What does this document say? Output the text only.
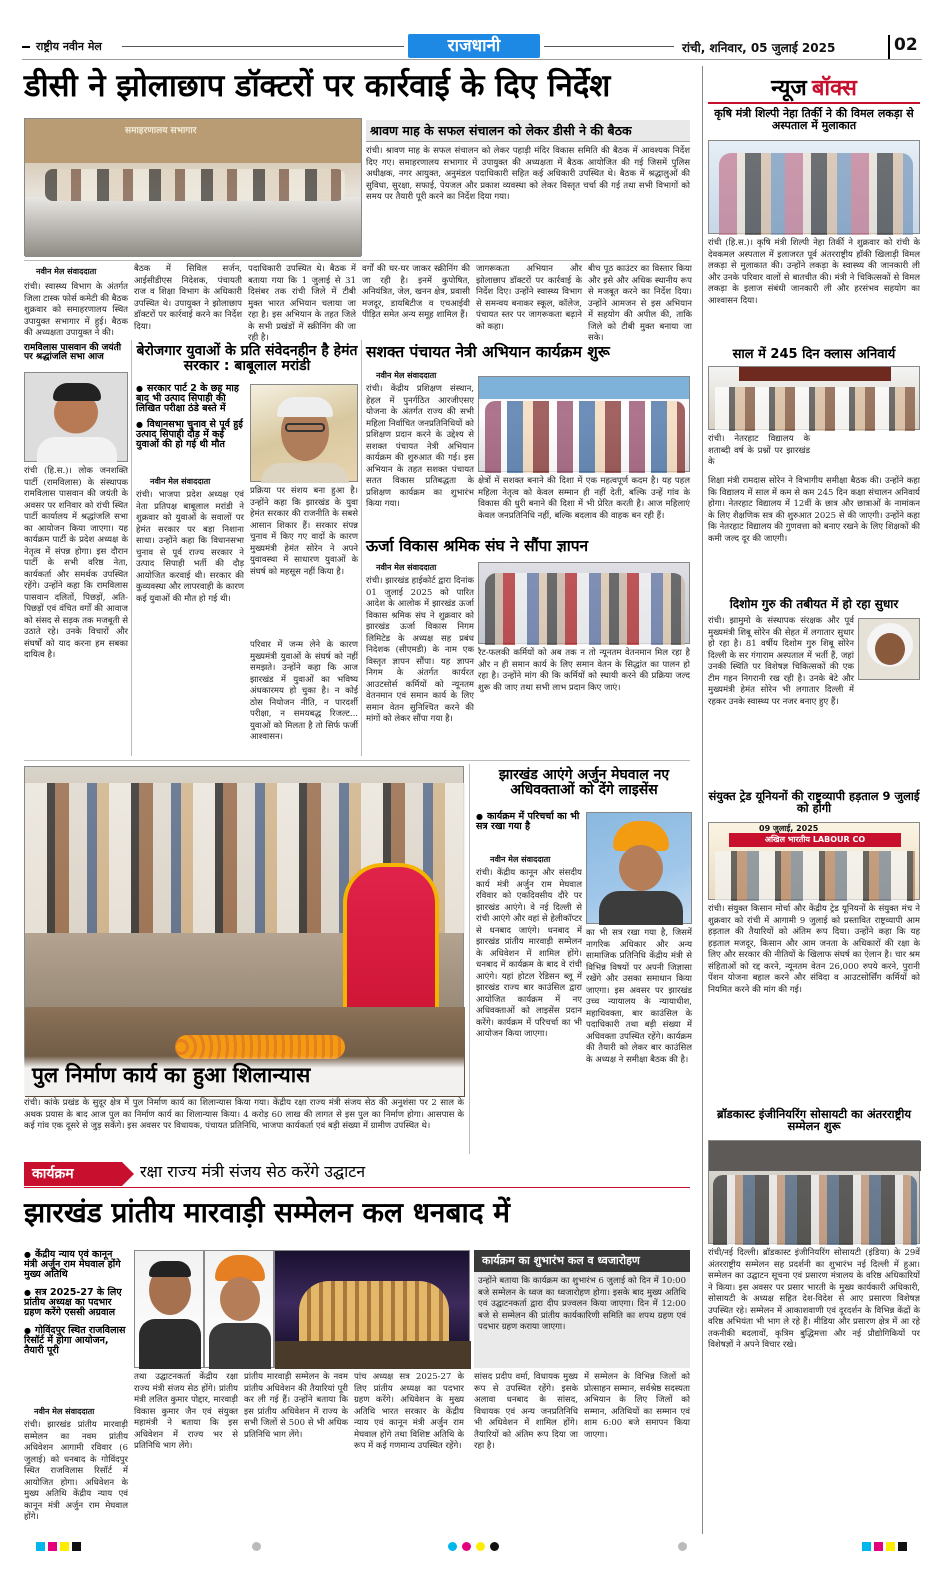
राष्ट्रीय नवीन मेल	राजधानी	रांची, शनिवार, 05 जुलाई 2025	02
डीसी ने झोलाछाप डॉक्टरों पर कार्रवाई के दिए निर्देश
समाहरणालय सभागार	श्रावण माह के सफल संचालन को लेकर डीसी ने की बैठक
रांची। श्रावण माह के सफल संचालन को लेकर पहाड़ी मंदिर विकास समिति की बैठक में आवश्यक निर्देश दिए गए। समाहरणालय सभागार में उपायुक्त की अध्यक्षता में बैठक आयोजित की गई जिसमें पुलिस अधीक्षक, नगर आयुक्त, अनुमंडल पदाधिकारी सहित कई अधिकारी उपस्थित थे। बैठक में श्रद्धालुओं की सुविधा, सुरक्षा, सफाई, पेयजल और प्रकाश व्यवस्था को लेकर विस्तृत चर्चा की गई तथा सभी विभागों को समय पर तैयारी पूरी करने का निर्देश दिया गया।
नवीन मेल संवाददाता
रांची। स्वास्थ्य विभाग के अंतर्गत जिला टास्क फोर्स कमेटी की बैठक शुक्रवार को समाहरणालय स्थित उपायुक्त सभागार में हुई। बैठक की अध्यक्षता उपायुक्त ने की।
बैठक में सिविल सर्जन, आईसीडीएस निदेशक, पंचायती राज व शिक्षा विभाग के अधिकारी उपस्थित थे। उपायुक्त ने झोलाछाप डॉक्टरों पर कार्रवाई करने का निर्देश दिया।
पदाधिकारी उपस्थित थे। बैठक में बताया गया कि 1 जुलाई से 31 दिसंबर तक रांची जिले में टीबी मुक्त भारत अभियान चलाया जा रहा है। इस अभियान के तहत जिले के सभी प्रखंडों में स्क्रीनिंग की जा रही है।
वर्गों की घर-घर जाकर स्क्रीनिंग की जा रही है। इनमें कुपोषित, अनियंत्रित, जेल, खनन क्षेत्र, प्रवासी मजदूर, डायबिटीज व एचआईवी पीड़ित समेत अन्य समूह शामिल हैं।
जागरूकता अभियान और झोलाछाप डॉक्टरों पर कार्रवाई के निर्देश दिए। उन्होंने स्वास्थ्य विभाग से समन्वय बनाकर स्कूल, कॉलेज, पंचायत स्तर पर जागरूकता बढ़ाने को कहा।
बीच पूठ काउंटर का विस्तार किया और इसे और अधिक स्थानीय रूप से मजबूत करने का निर्देश दिया। उन्होंने आमजन से इस अभियान में सहयोग की अपील की, ताकि जिले को टीबी मुक्त बनाया जा सके।
रामविलास पासवान की जयंती पर श्रद्धांजलि सभा आज
रांची (हि.स.)। लोक जनशक्ति पार्टी (रामविलास) के संस्थापक रामविलास पासवान की जयंती के अवसर पर शनिवार को रांची स्थित पार्टी कार्यालय में श्रद्धांजलि सभा का आयोजन किया जाएगा। यह कार्यक्रम पार्टी के प्रदेश अध्यक्ष के नेतृत्व में संपन्न होगा। इस दौरान पार्टी के सभी वरिष्ठ नेता, कार्यकर्ता और समर्थक उपस्थित रहेंगे। उन्होंने कहा कि रामविलास पासवान दलितों, पिछड़ों, अति-पिछड़ों एवं वंचित वर्गों की आवाज को संसद से सड़क तक मजबूती से उठाते रहे। उनके विचारों और संघर्षों को याद करना हम सबका दायित्व है।
बेरोजगार युवाओं के प्रति संवेदनहीन है हेमंत सरकार : बाबूलाल मरांडी
● सरकार पार्ट 2 के छह माह बाद भी उत्पाद सिपाही की लिखित परीक्षा ठंडे बस्ते में
● विधानसभा चुनाव से पूर्व हुई उत्पाद सिपाही दौड़ में कई युवाओं की हो गई थी मौत
नवीन मेल संवाददाता
रांची। भाजपा प्रदेश अध्यक्ष एवं नेता प्रतिपक्ष बाबूलाल मरांडी ने शुक्रवार को युवाओं के सवालों पर हेमंत सरकार पर बड़ा निशाना साधा। उन्होंने कहा कि विधानसभा चुनाव से पूर्व राज्य सरकार ने उत्पाद सिपाही भर्ती की दौड़ आयोजित करवाई थी। सरकार की कुव्यवस्था और लापरवाही के कारण कई युवाओं की मौत हो गई थी।
प्रक्रिया पर संशय बना हुआ है। उन्होंने कहा कि झारखंड के युवा हेमंत सरकार की राजनीति के सबसे आसान शिकार हैं। सरकार संपन्न चुनाव में किए गए वादों के कारण मुख्यमंत्री हेमंत सोरेन ने अपने युवावस्था में साधारण युवाओं के संघर्ष को महसूस नहीं किया है।
परिवार में जन्म लेने के कारण मुख्यमंत्री युवाओं के संघर्ष को नहीं समझते। उन्होंने कहा कि आज झारखंड में युवाओं का भविष्य अंधकारमय हो चुका है। न कोई ठोस नियोजन नीति, न पारदर्शी परीक्षा, न समयबद्ध रिजल्ट... युवाओं को मिलता है तो सिर्फ फर्जी आश्वासन।
सशक्त पंचायत नेत्री अभियान कार्यक्रम शुरू
नवीन मेल संवाददाता
रांची। केंद्रीय प्रशिक्षण संस्थान, हेहल में पुनर्गठित आरजीएसए योजना के अंतर्गत राज्य की सभी महिला निर्वाचित जनप्रतिनिधियों को प्रशिक्षण प्रदान करने के उद्देश्य से सशक्त पंचायत नेत्री अभियान कार्यक्रम की शुरुआत की गई। इस अभियान के तहत सशक्त पंचायत सतत विकास प्रतिबद्धता के प्रशिक्षण कार्यक्रम का शुभारंभ किया गया।
क्षेत्रों में सशक्त बनाने की दिशा में एक महत्वपूर्ण कदम है। यह पहल महिला नेतृत्व को केवल सम्मान ही नहीं देती, बल्कि उन्हें गांव के विकास की धुरी बनाने की दिशा में भी प्रेरित करती है। आज महिलाएं केवल जनप्रतिनिधि नहीं, बल्कि बदलाव की वाहक बन रही हैं।
ऊर्जा विकास श्रमिक संघ ने सौंपा ज्ञापन
नवीन मेल संवाददाता
रांची। झारखंड हाईकोर्ट द्वारा दिनांक 01 जुलाई 2025 को पारित आदेश के आलोक में झारखंड ऊर्जा विकास श्रमिक संघ ने शुक्रवार को झारखंड ऊर्जा विकास निगम लिमिटेड के अध्यक्ष सह प्रबंध निदेशक (सीएमडी) के नाम एक विस्तृत ज्ञापन सौंपा। यह ज्ञापन निगम के अंतर्गत कार्यरत आउटसोर्स कर्मियों को न्यूनतम वेतनमान एवं समान कार्य के लिए समान वेतन सुनिश्चित करने की मांगों को लेकर सौंपा गया है।
रैट-फलकी कर्मियों को अब तक न तो न्यूनतम वेतनमान मिल रहा है और न ही समान कार्य के लिए समान वेतन के सिद्धांत का पालन हो रहा है। उन्होंने मांग की कि कर्मियों को स्थायी करने की प्रक्रिया जल्द शुरू की जाए तथा सभी लाभ प्रदान किए जाएं।
पुल निर्माण कार्य का हुआ शिलान्यास
रांची। कांके प्रखंड के सुदूर क्षेत्र में पुल निर्माण कार्य का शिलान्यास किया गया। केंद्रीय रक्षा राज्य मंत्री संजय सेठ की अनुशंसा पर 2 साल के अथक प्रयास के बाद आज पुल का निर्माण कार्य का शिलान्यास किया। 4 करोड़ 60 लाख की लागत से इस पुल का निर्माण होगा। आसपास के कई गांव एक दूसरे से जुड़ सकेंगे। इस अवसर पर विधायक, पंचायत प्रतिनिधि, भाजपा कार्यकर्ता एवं बड़ी संख्या में ग्रामीण उपस्थित थे।
झारखंड आएंगे अर्जुन मेघवाल नए अधिवक्ताओं को देंगे लाइसेंस
● कार्यक्रम में परिचर्चा का भी सत्र रखा गया है
नवीन मेल संवाददाता
रांची। केंद्रीय कानून और संसदीय कार्य मंत्री अर्जुन राम मेघवाल रविवार को एकदिवसीय दौरे पर झारखंड आएंगे। वे नई दिल्ली से रांची आएंगे और वहां से हेलीकॉप्टर से धनबाद जाएंगे। धनबाद में झारखंड प्रांतीय मारवाड़ी सम्मेलन के अधिवेशन में शामिल होंगे। धनबाद में कार्यक्रम के बाद वे रांची आएंगे। यहां होटल रेडिसन ब्लू में झारखंड राज्य बार काउंसिल द्वारा आयोजित कार्यक्रम में नए अधिवक्ताओं को लाइसेंस प्रदान करेंगे। कार्यक्रम में परिचर्चा का भी आयोजन किया जाएगा।
का भी सत्र रखा गया है, जिसमें नागरिक अधिकार और अन्य सामाजिक प्रतिनिधि केंद्रीय मंत्री से विभिन्न विषयों पर अपनी जिज्ञासा रखेंगे और उसका समाधान किया जाएगा। इस अवसर पर झारखंड उच्च न्यायालय के न्यायाधीश, महाधिवक्ता, बार काउंसिल के पदाधिकारी तथा बड़ी संख्या में अधिवक्ता उपस्थित रहेंगे। कार्यक्रम की तैयारी को लेकर बार काउंसिल के अध्यक्ष ने समीक्षा बैठक की है।
कार्यक्रम	रक्षा राज्य मंत्री संजय सेठ करेंगे उद्घाटन
झारखंड प्रांतीय मारवाड़ी सम्मेलन कल धनबाद में
● केंद्रीय न्याय एवं कानून मंत्री अर्जुन राम मेघवाल होंगे मुख्य अतिथि
● सत्र 2025-27 के लिए प्रांतीय अध्यक्ष का पदभार ग्रहण करेंगे एससी अग्रवाल
● गोविंदपुर स्थित राजविलास रिसॉर्ट में होगा आयोजन, तैयारी पूरी
नवीन मेल संवाददाता
रांची। झारखंड प्रांतीय मारवाड़ी सम्मेलन का नवम प्रांतीय अधिवेशन आगामी रविवार (6 जुलाई) को धनबाद के गोविंदपुर स्थित राजविलास रिसॉर्ट में आयोजित होगा। अधिवेशन के मुख्य अतिथि केंद्रीय न्याय एवं कानून मंत्री अर्जुन राम मेघवाल होंगे।
तथा उद्घाटनकर्ता केंद्रीय रक्षा राज्य मंत्री संजय सेठ होंगे। प्रांतीय मंत्री ललित कुमार पोद्दार, मारवाड़ी विकास कुमार जैन एवं संयुक्त महामंत्री ने बताया कि इस अधिवेशन में राज्य भर से प्रतिनिधि भाग लेंगे।
प्रांतीय मारवाड़ी सम्मेलन के नवम प्रांतीय अधिवेशन की तैयारियां पूरी कर ली गई हैं। उन्होंने बताया कि इस प्रांतीय अधिवेशन में राज्य के सभी जिलों से 500 से भी अधिक प्रतिनिधि भाग लेंगे।
पांच अध्यक्ष सत्र 2025-27 के लिए प्रांतीय अध्यक्ष का पदभार ग्रहण करेंगे। अधिवेशन के मुख्य अतिथि भारत सरकार के केंद्रीय न्याय एवं कानून मंत्री अर्जुन राम मेघवाल होंगे तथा विशिष्ट अतिथि के रूप में कई गणमान्य उपस्थित रहेंगे।
कार्यक्रम का शुभारंभ कल व ध्वजारोहण
उन्होंने बताया कि कार्यक्रम का शुभारंभ 6 जुलाई को दिन में 10:00 बजे सम्मेलन के ध्वज का ध्वजारोहण होगा। इसके बाद मुख्य अतिथि एवं उद्घाटनकर्ता द्वारा दीप प्रज्वलन किया जाएगा। दिन में 12:00 बजे से सम्मेलन की प्रांतीय कार्यकारिणी समिति का शपथ ग्रहण एवं पदभार ग्रहण कराया जाएगा।
सांसद प्रदीप वर्मा, विधायक मुख्य रूप से उपस्थित रहेंगे। इसके अलावा धनबाद के सांसद, विधायक एवं अन्य जनप्रतिनिधि भी अधिवेशन में शामिल होंगे। तैयारियों को अंतिम रूप दिया जा रहा है।
में सम्मेलन के विभिन्न जिलों को प्रोत्साहन सम्मान, सर्वश्रेष्ठ सदस्यता अभियान के लिए जिलों को सम्मान, अतिथियों का सम्मान एवं शाम 6:00 बजे समापन किया जाएगा।
न्यूज बॉक्स
कृषि मंत्री शिल्पी नेहा तिर्की ने की विमल लकड़ा से अस्पताल में मुलाकात
रांची (हि.स.)। कृषि मंत्री शिल्पी नेहा तिर्की ने शुक्रवार को रांची के देवकमल अस्पताल में इलाजरत पूर्व अंतरराष्ट्रीय हॉकी खिलाड़ी विमल लकड़ा से मुलाकात की। उन्होंने लकड़ा के स्वास्थ्य की जानकारी ली और उनके परिवार वालों से बातचीत की। मंत्री ने चिकित्सकों से विमल लकड़ा के इलाज संबंधी जानकारी ली और हरसंभव सहयोग का आश्वासन दिया।
साल में 245 दिन क्लास अनिवार्य
रांची। नेतरहाट विद्यालय के शताब्दी वर्ष के प्रश्नों पर झारखंड के
शिक्षा मंत्री रामदास सोरेन ने विभागीय समीक्षा बैठक की। उन्होंने कहा कि विद्यालय में साल में कम से कम 245 दिन कक्षा संचालन अनिवार्य होगा। नेतरहाट विद्यालय में 12वीं के छात्र और छात्राओं के नामांकन के लिए शैक्षणिक सत्र की शुरुआत 2025 से की जाएगी। उन्होंने कहा कि नेतरहाट विद्यालय की गुणवत्ता को बनाए रखने के लिए शिक्षकों की कमी जल्द दूर की जाएगी।
दिशोम गुरु की तबीयत में हो रहा सुधार
रांची। झामुमो के संस्थापक संरक्षक और पूर्व मुख्यमंत्री शिबू सोरेन की सेहत में लगातार सुधार हो रहा है। 81 वर्षीय दिशोम गुरु शिबू सोरेन दिल्ली के सर गंगाराम अस्पताल में भर्ती हैं, जहां उनकी स्थिति पर विशेषज्ञ चिकित्सकों की एक टीम गहन निगरानी रख रही है। उनके बेटे और मुख्यमंत्री हेमंत सोरेन भी लगातार दिल्ली में रहकर उनके स्वास्थ्य पर नजर बनाए हुए हैं।
संयुक्त ट्रेड यूनियनों की राष्ट्रव्यापी हड़ताल 9 जुलाई को होगी
09 जुलाई, 2025
अखिल भारतीय LABOUR CO
रांची। संयुक्त किसान मोर्चा और केंद्रीय ट्रेड यूनियनों के संयुक्त मंच ने शुक्रवार को रांची में आगामी 9 जुलाई को प्रस्तावित राष्ट्रव्यापी आम हड़ताल की तैयारियों को अंतिम रूप दिया। उन्होंने कहा कि यह हड़ताल मजदूर, किसान और आम जनता के अधिकारों की रक्षा के लिए और सरकार की नीतियों के खिलाफ संघर्ष का ऐलान है। चार श्रम संहिताओं को रद्द करने, न्यूनतम वेतन 26,000 रुपये करने, पुरानी पेंशन योजना बहाल करने और संविदा व आउटसोर्सिंग कर्मियों को नियमित करने की मांग की गई।
ब्रॉडकास्ट इंजीनियरिंग सोसायटी का अंतरराष्ट्रीय सम्मेलन शुरू
रांची/नई दिल्ली। ब्रॉडकास्ट इंजीनियरिंग सोसायटी (इंडिया) के 29वें अंतरराष्ट्रीय सम्मेलन सह प्रदर्शनी का शुभारंभ नई दिल्ली में हुआ। सम्मेलन का उद्घाटन सूचना एवं प्रसारण मंत्रालय के वरिष्ठ अधिकारियों ने किया। इस अवसर पर प्रसार भारती के मुख्य कार्यकारी अधिकारी, सोसायटी के अध्यक्ष सहित देश-विदेश से आए प्रसारण विशेषज्ञ उपस्थित रहे। सम्मेलन में आकाशवाणी एवं दूरदर्शन के विभिन्न केंद्रों के वरिष्ठ अभियंता भी भाग ले रहे हैं। मीडिया और प्रसारण क्षेत्र में आ रहे तकनीकी बदलावों, कृत्रिम बुद्धिमत्ता और नई प्रौद्योगिकियों पर विशेषज्ञों ने अपने विचार रखे।
